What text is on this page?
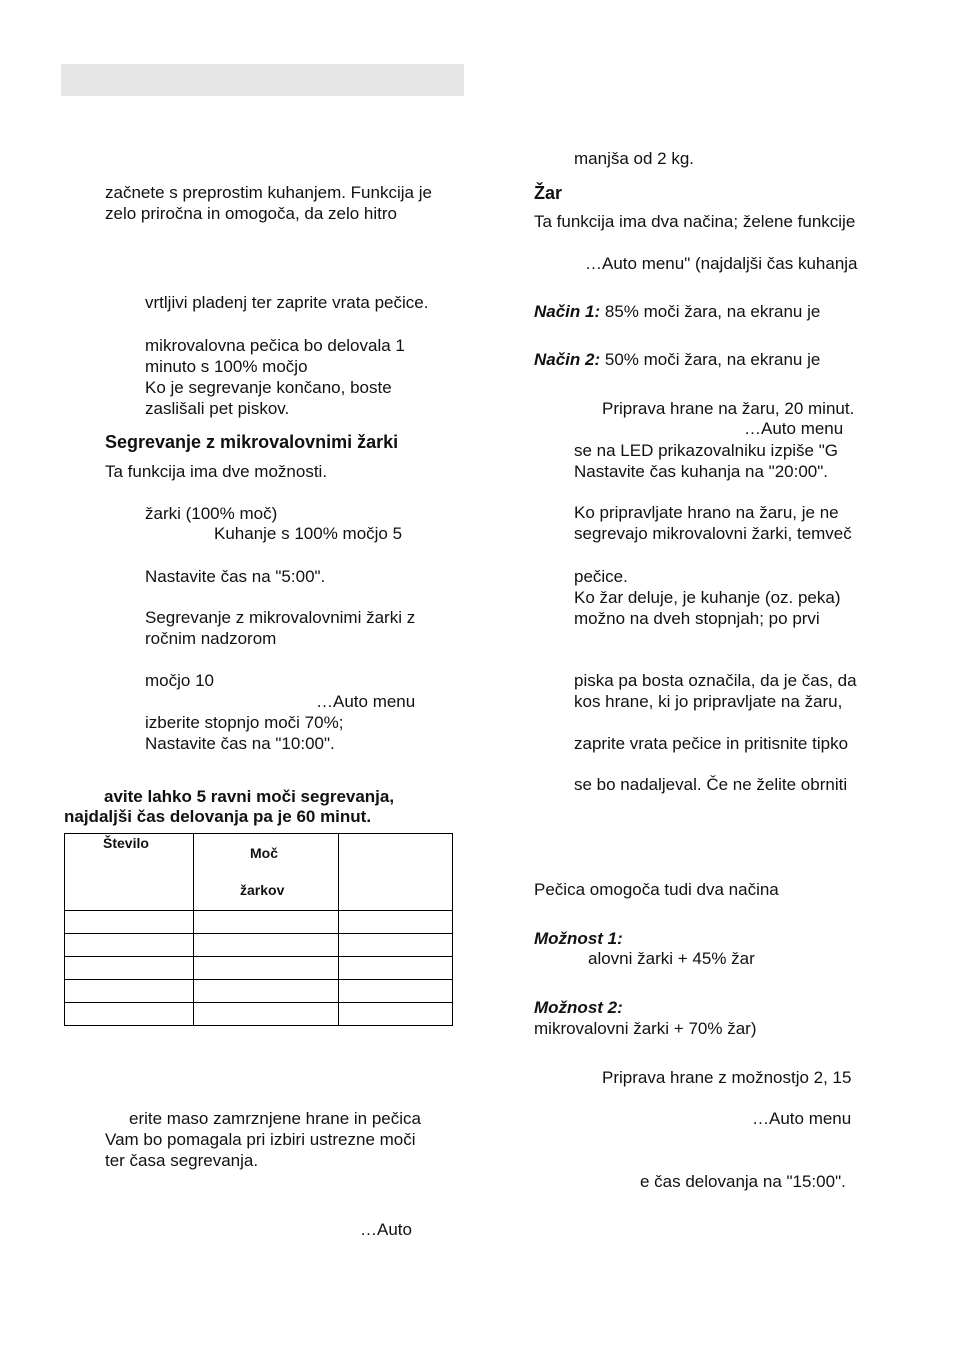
začnete s preprostim kuhanjem. Funkcija je
zelo priročna in omogoča, da zelo hitro
vrtljivi pladenj ter zaprite vrata pečice.
mikrovalovna pečica bo delovala 1
minuto s 100% močjo
Ko je segrevanje končano, boste
zaslišali pet piskov.
Segrevanje z mikrovalovnimi žarki
Ta funkcija ima dve možnosti.
žarki (100% moč)
Kuhanje s 100% močjo 5
Nastavite čas na "5:00".
Segrevanje z mikrovalovnimi žarki z
ročnim nadzorom
močjo 10
…Auto menu
izberite stopnjo moči 70%;
Nastavite čas na "10:00".
avite lahko 5 ravni moči segrevanja,
najdaljši čas delovanja pa je 60 minut.
Število	Moč
žarkov	

erite maso zamrznjene hrane in pečica
Vam bo pomagala pri izbiri ustrezne moči
ter časa segrevanja.
…Auto
manjša od 2 kg.
Žar
Ta funkcija ima dva načina; želene funkcije
…Auto menu" (najdaljši čas kuhanja
Način 1: 85% moči žara, na ekranu je
Način 2: 50% moči žara, na ekranu je
Priprava hrane na žaru, 20 minut.
…Auto menu
se na LED prikazovalniku izpiše "G
Nastavite čas kuhanja na "20:00".
Ko pripravljate hrano na žaru, je ne
segrevajo mikrovalovni žarki, temveč
pečice.
Ko žar deluje, je kuhanje (oz. peka)
možno na dveh stopnjah; po prvi
piska pa bosta označila, da je čas, da
kos hrane, ki jo pripravljate na žaru,
zaprite vrata pečice in pritisnite tipko
se bo nadaljeval. Če ne želite obrniti
Pečica omogoča tudi dva načina
Možnost 1:
alovni žarki + 45% žar
Možnost 2:
mikrovalovni žarki + 70% žar)
Priprava hrane z možnostjo 2, 15
…Auto menu
e čas delovanja na "15:00".
